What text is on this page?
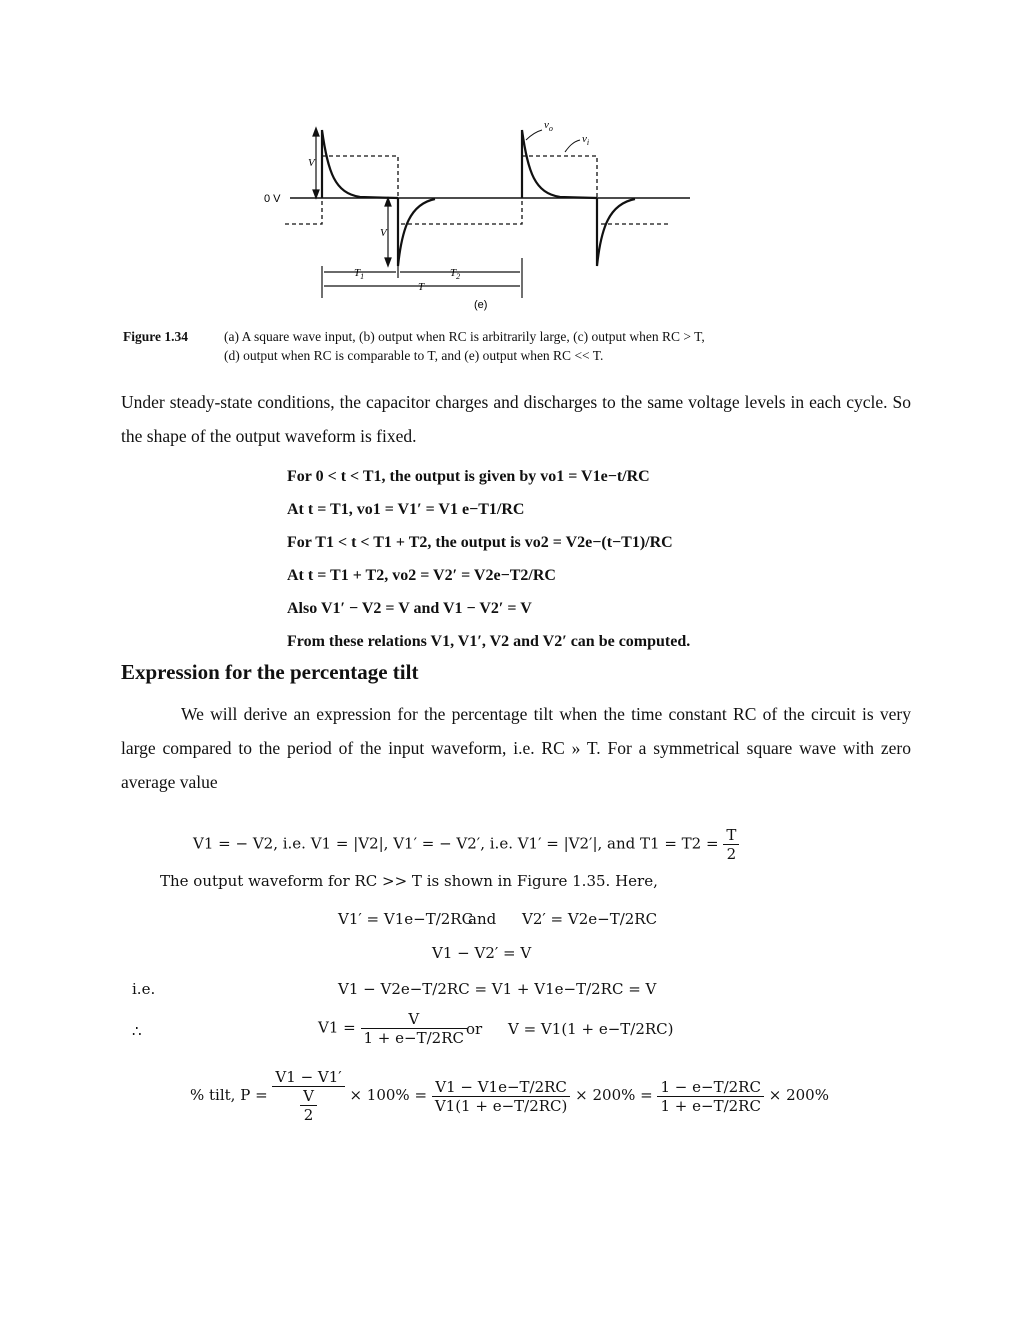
0 V
V
V
$T_1$	$T_2$
T
(e)
$v_o$
$v_i$
Figure 1.34	(a) A square wave input, (b) output when RC is arbitrarily large, (c) output when RC > T,
(d) output when RC is comparable to T, and (e) output when RC << T.
Under steady-state conditions, the capacitor charges and discharges to the same voltage levels in each cycle. So the shape of the output waveform is fixed.
For 0 < t < T1, the output is given by vo1 = V1e−t/RC
At t = T1, vo1 = V1′ = V1 e−T1/RC
For T1 < t < T1 + T2, the output is vo2 = V2e−(t−T1)/RC
At t = T1 + T2, vo2 = V2′ = V2e−T2/RC
Also V1′ − V2 = V and V1 − V2′ = V
From these relations V1, V1′, V2 and V2′ can be computed.
Expression for the percentage tilt
We will derive an expression for the percentage tilt when the time constant RC of the circuit is very large compared to the period of the input waveform, i.e. RC » T. For a symmetrical square wave with zero average value
V1 = − V2, i.e. V1 = |V2|, V1′ = − V2′, i.e. V1′ = |V2′|, and $T1 = T2 = \frac{T}{2}$
The output waveform for RC >> T is shown in Figure 1.35. Here,
V1′ = V1e−T/2RC
and V2′ = V2e−T/2RC
V1 − V2′ = V
i.e.	V1 − V2e−T/2RC = V1 + V1e−T/2RC = V
∴	$V1 = \frac{V}{1 + e-T/2RC}$ or V = V1(1 + e−T/2RC)
% tilt, $P = \frac{V1 - V1'}{\frac{V}{2}} \times 100\% = \frac{V1 - V1e-T/2RC}{V1(1 + e-T/2RC)} \times 200\% = \frac{1 - e-T/2RC}{1 + e-T/2RC} \times 200\%$
